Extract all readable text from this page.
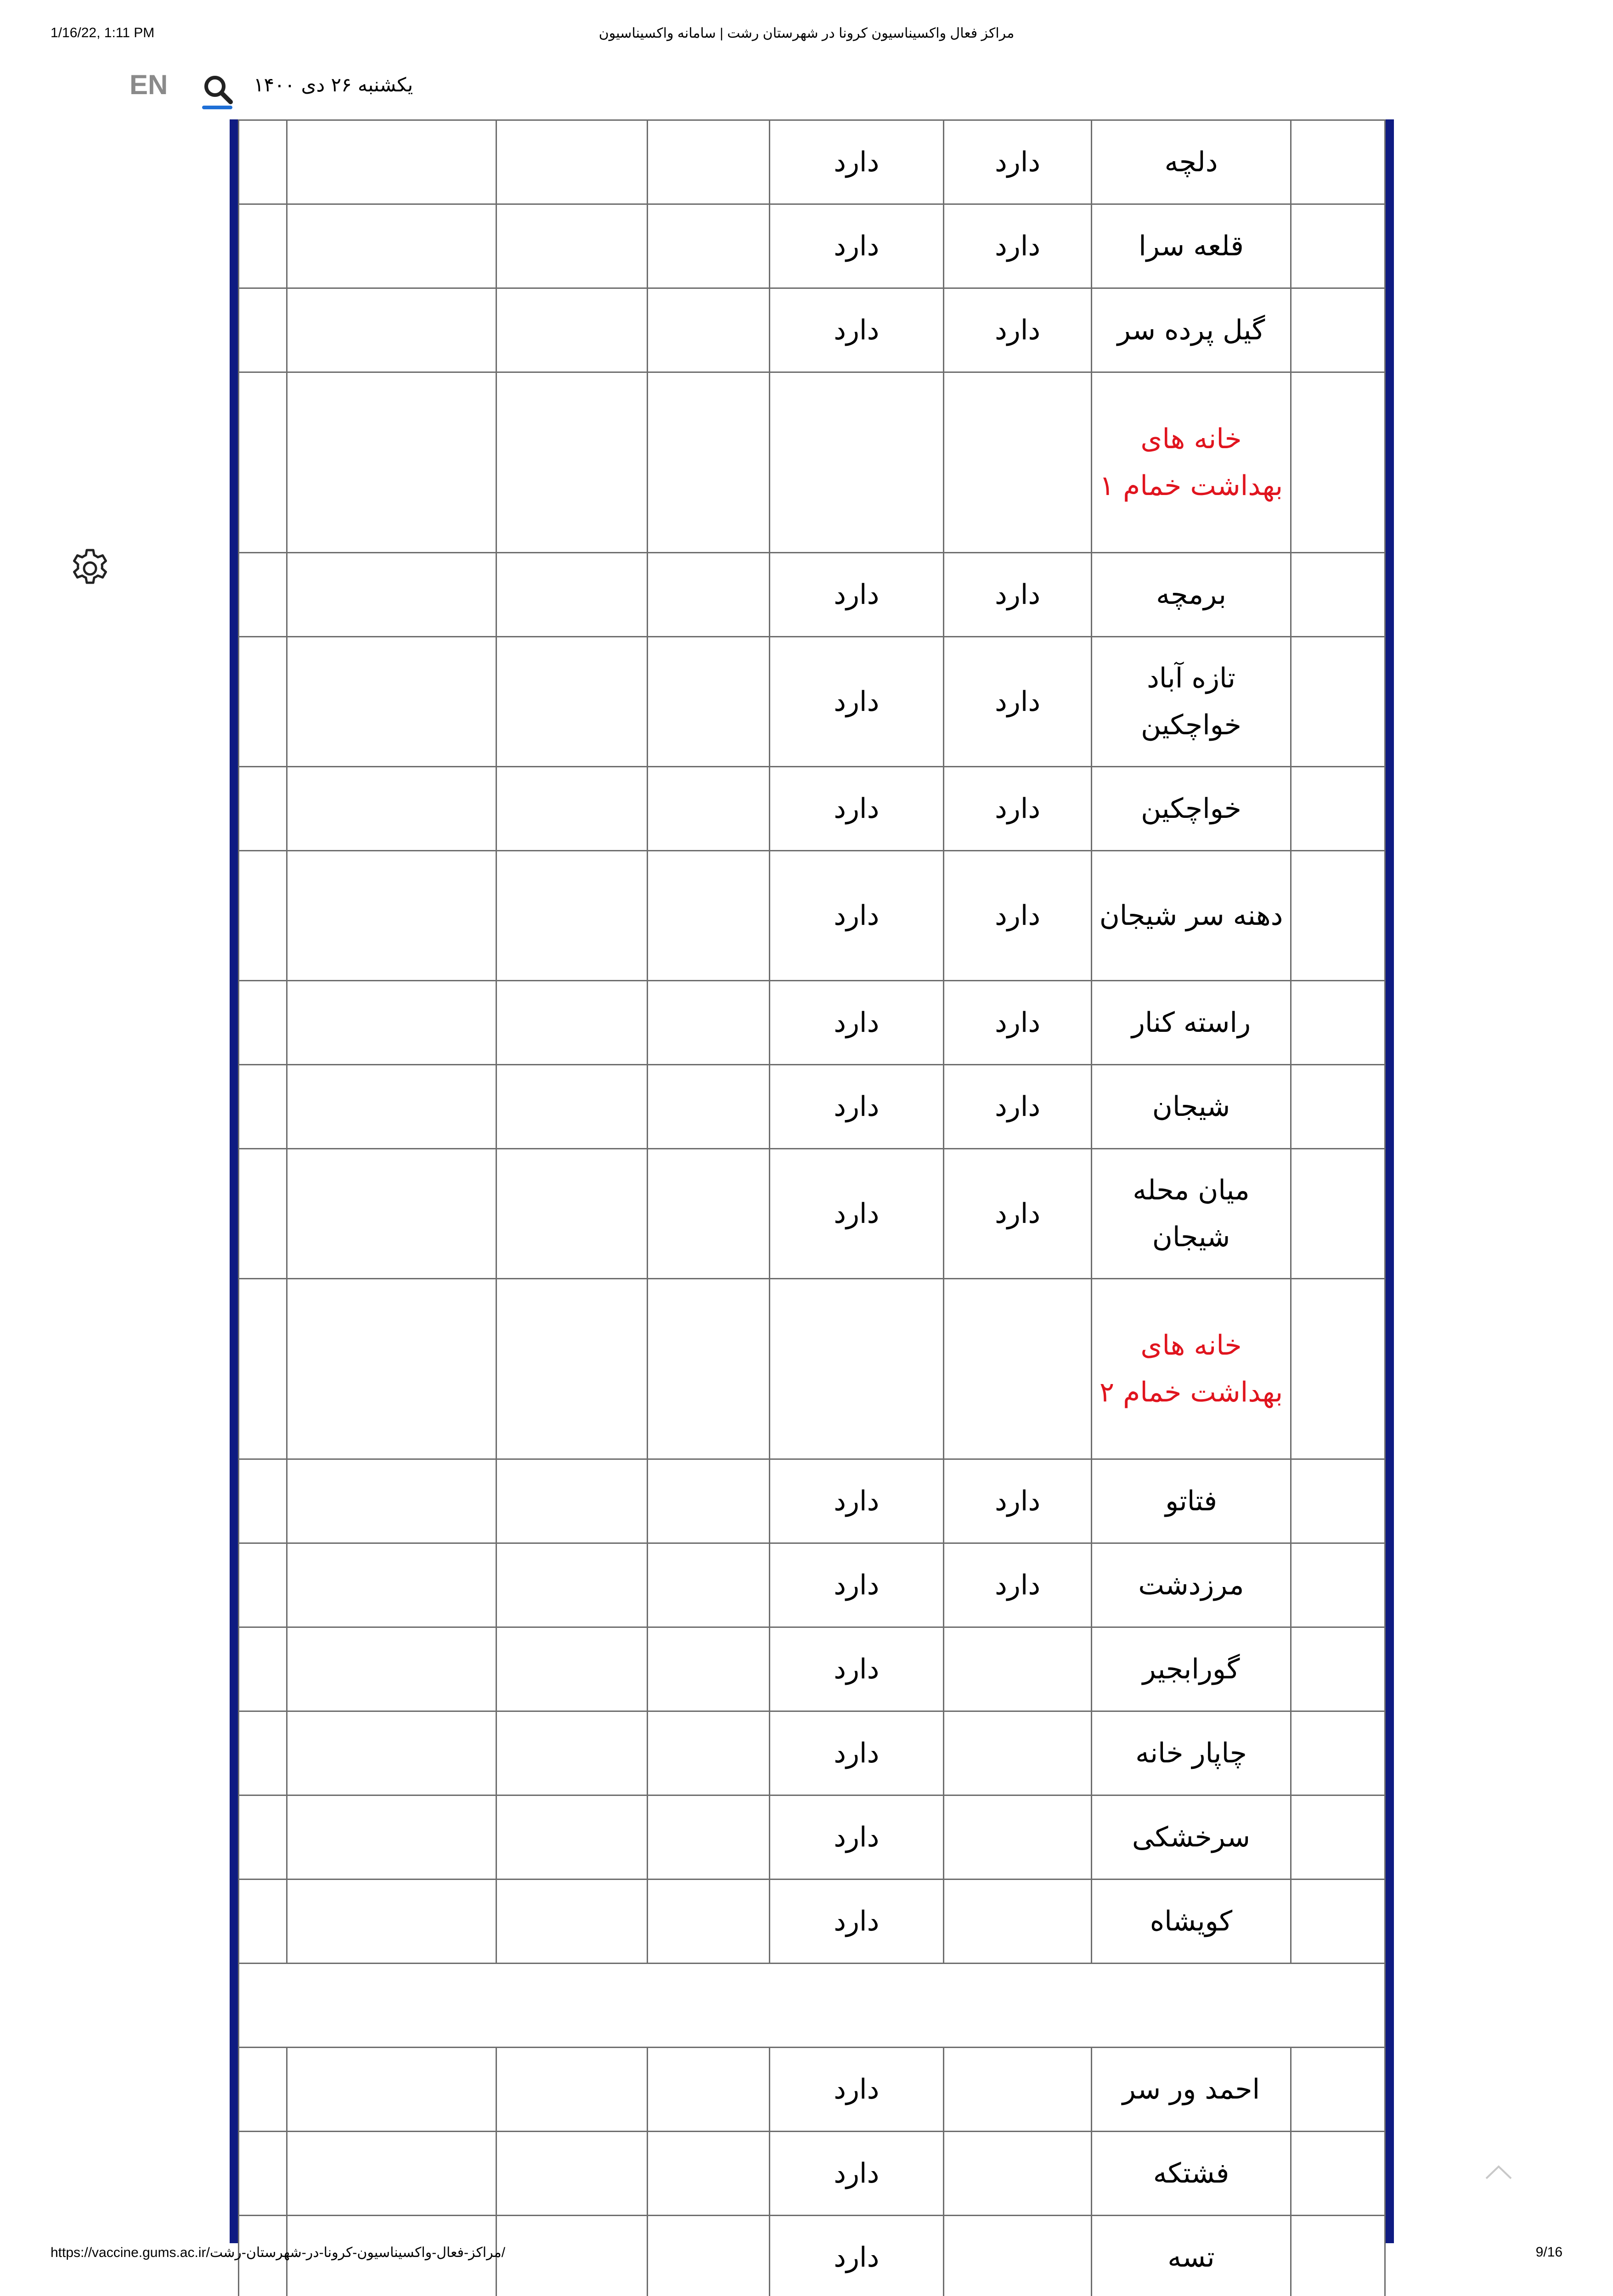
1/16/22, 1:11 PM	مراکز فعال واکسیناسیون کرونا در شهرستان رشت | سامانه واکسیناسیون
EN	یکشنبه ۲۶ دی ۱۴۰۰
	دلچه	دارد	دارد				
	قلعه سرا	دارد	دارد				
	گیل پرده سر	دارد	دارد				
	خانه های بهداشت خمام ۱						
	برمچه	دارد	دارد				
	تازه آباد خواچکین	دارد	دارد				
	خواچکین	دارد	دارد				
	دهنه سر شیجان	دارد	دارد				
	راسته کنار	دارد	دارد				
	شیجان	دارد	دارد				
	میان محله شیجان	دارد	دارد				
	خانه های بهداشت خمام ۲						
	فتاتو	دارد	دارد				
	مرزدشت	دارد	دارد				
	گورابجیر		دارد				
	چاپار خانه		دارد				
	سرخشکی		دارد				
	کویشاه		دارد				

	احمد ور سر		دارد				
	فشتکه		دارد				
	تسه		دارد				
https://vaccine.gums.ac.ir/مراکز-فعال-واکسیناسیون-کرونا-در-شهرستان-رشت/	9/16
